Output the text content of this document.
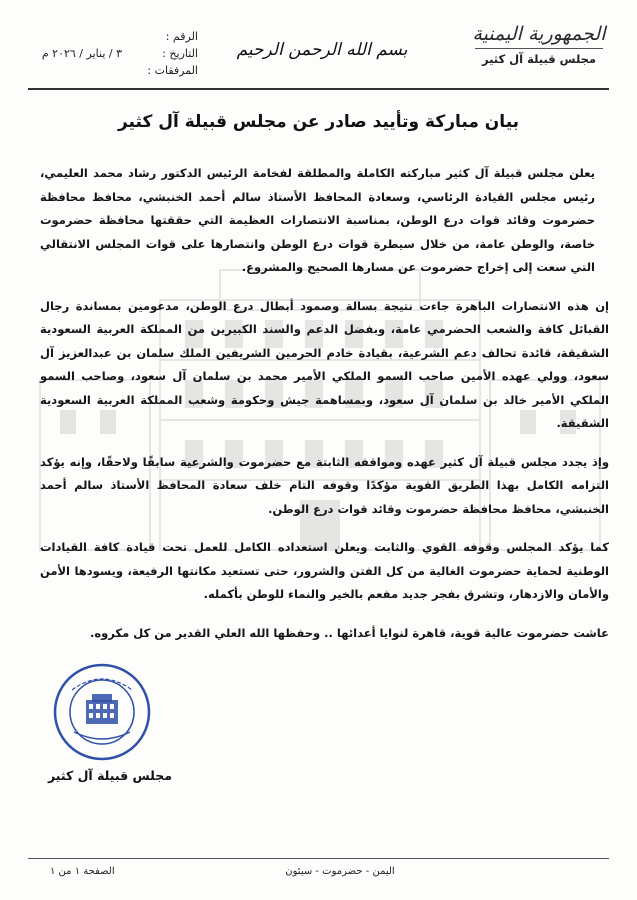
الجمهورية اليمنية
مجلس قبيلة آل كثير
بسم الله الرحمن الرحيم
الرقم :
التاريخ :
٣ / يناير / ٢٠٢٦ م
المرفقات :
بيان مباركة وتأييد صادر عن مجلس قبيلة آل كثير

يعلن مجلس قبيلة آل كثير مباركته الكاملة والمطلقة لفخامة الرئيس الدكتور رشاد محمد العليمي، رئيس مجلس القيادة الرئاسي، وسعادة المحافظ الأستاذ سالم أحمد الخنبشي، محافظ محافظة حضرموت وقائد قوات درع الوطن، بمناسبة الانتصارات العظيمة التي حققتها محافظة حضرموت خاصة، والوطن عامة، من خلال سيطرة قوات درع الوطن وانتصارها على قوات المجلس الانتقالي التي سعت إلى إخراج حضرموت عن مسارها الصحيح والمشروع.

إن هذه الانتصارات الباهرة جاءت نتيجة بسالة وصمود أبطال درع الوطن، مدعومين بمساندة رجال القبائل كافة والشعب الحضرمي عامة، وبفضل الدعم والسند الكبيرين من المملكة العربية السعودية الشقيقة، قائدة تحالف دعم الشرعية، بقيادة خادم الحرمين الشريفين الملك سلمان بن عبدالعزيز آل سعود، وولي عهده الأمين صاحب السمو الملكي الأمير محمد بن سلمان آل سعود، وصاحب السمو الملكي الأمير خالد بن سلمان آل سعود، وبمساهمة جيش وحكومة وشعب المملكة العربية السعودية الشقيقة.

وإذ يجدد مجلس قبيلة آل كثير عهده ومواقفه الثابتة مع حضرموت والشرعية سابقًا ولاحقًا، وإنه يؤكد التزامه الكامل بهذا الطريق القوية مؤكدًا وقوفه التام خلف سعادة المحافظ الأستاذ سالم أحمد الخنبشي، محافظ محافظة حضرموت وقائد قوات درع الوطن.

كما يؤكد المجلس وقوفه القوي والثابت ويعلن استعداده الكامل للعمل تحت قيادة كافة القيادات الوطنية لحماية حضرموت الغالية من كل الفتن والشرور، حتى تستعيد مكانتها الرفيعة، ويسودها الأمن والأمان والازدهار، وتشرق بفجر جديد مفعم بالخير والنماء للوطن بأكمله.

عاشت حضرموت عالية قوية، قاهرة لنوايا أعدائها .. وحفظها الله العلي القدير من كل مكروه.

مجلس قبيلة آل كثير
اليمن - حضرموت - سيئون
الصفحة ١ من ١
